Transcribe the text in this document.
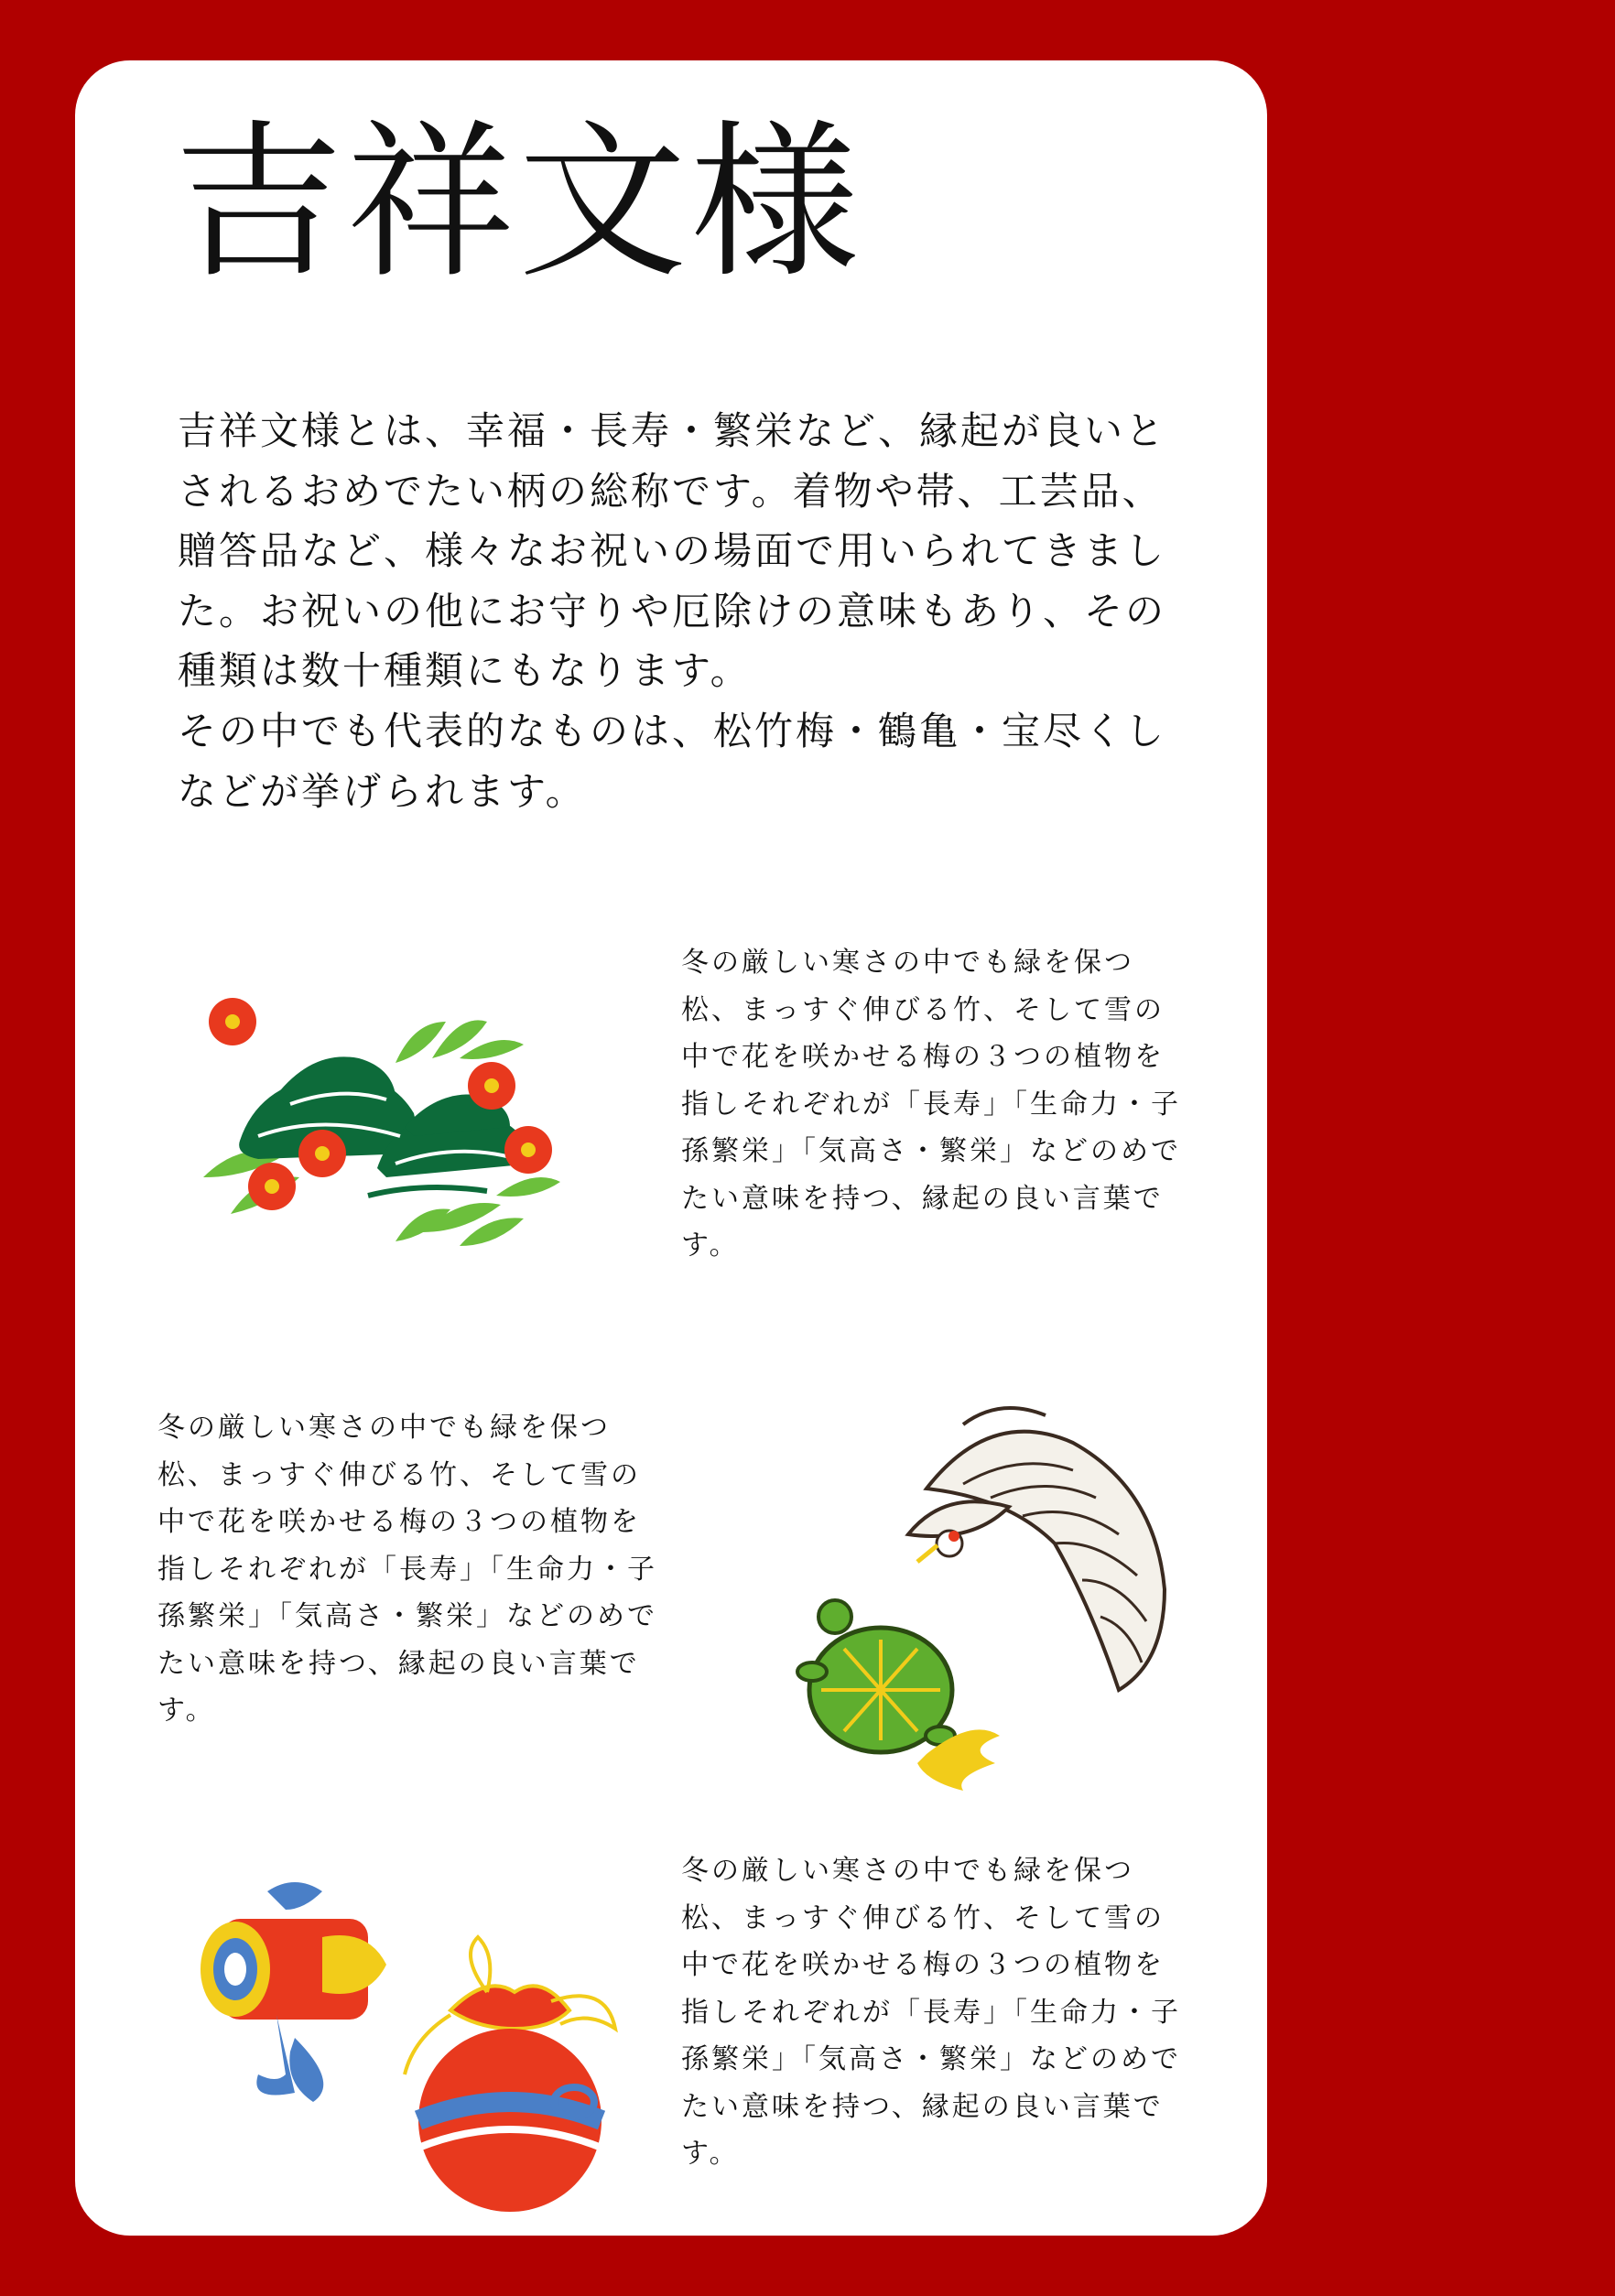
吉祥文様

吉祥文様とは、幸福・長寿・繁栄など、縁起が良いとされるおめでたい柄の総称です。着物や帯、工芸品、贈答品など、様々なお祝いの場面で用いられてきました。お祝いの他にお守りや厄除けの意味もあり、その種類は数十種類にもなります。

その中でも代表的なものは、松竹梅・鶴亀・宝尽くしなどが挙げられます。

冬の厳しい寒さの中でも緑を保つ松、まっすぐ伸びる竹、そして雪の中で花を咲かせる梅の３つの植物を指しそれぞれが「長寿」「生命力・子孫繁栄」「気高さ・繁栄」などのめでたい意味を持つ、縁起の良い言葉です。

冬の厳しい寒さの中でも緑を保つ松、まっすぐ伸びる竹、そして雪の中で花を咲かせる梅の３つの植物を指しそれぞれが「長寿」「生命力・子孫繁栄」「気高さ・繁栄」などのめでたい意味を持つ、縁起の良い言葉です。

冬の厳しい寒さの中でも緑を保つ松、まっすぐ伸びる竹、そして雪の中で花を咲かせる梅の３つの植物を指しそれぞれが「長寿」「生命力・子孫繁栄」「気高さ・繁栄」などのめでたい意味を持つ、縁起の良い言葉です。
